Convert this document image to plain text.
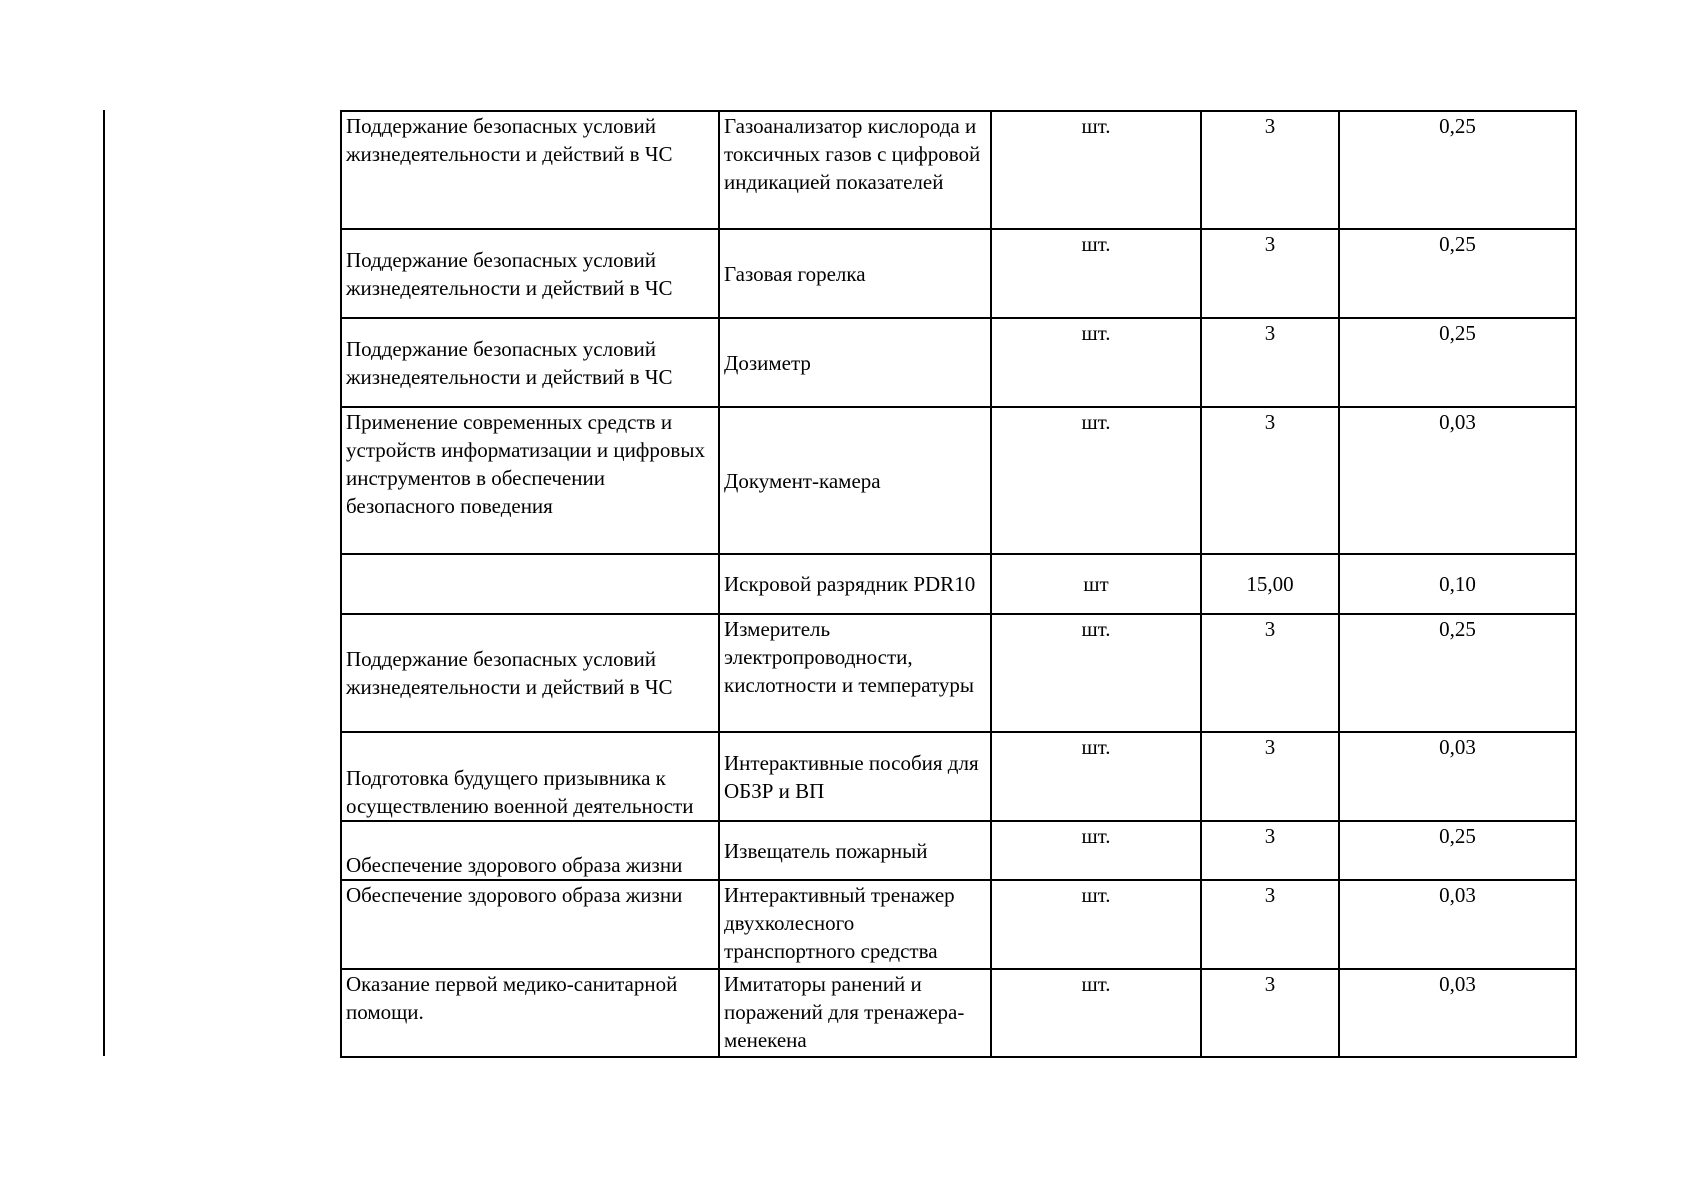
Поддержание безопасных условий жизнедеятельности и действий в ЧС	Газоанализатор кислорода и токсичных газов с цифровой индикацией показателей	шт.	3	0,25
Поддержание безопасных условий жизнедеятельности и действий в ЧС	Газовая горелка	шт.	3	0,25
Поддержание безопасных условий жизнедеятельности и действий в ЧС	Дозиметр	шт.	3	0,25
Применение современных средств и устройств информатизации и цифровых инструментов в обеспечении безопасного поведения	Документ-камера	шт.	3	0,03
	Искровой разрядник PDR10	шт	15,00	0,10
Поддержание безопасных условий жизнедеятельности и действий в ЧС	Измеритель электропроводности, кислотности и температуры	шт.	3	0,25
Подготовка будущего призывника к осуществлению военной деятельности	Интерактивные пособия для ОБЗР и ВП	шт.	3	0,03
Обеспечение здорового образа жизни	Извещатель пожарный	шт.	3	0,25
Обеспечение здорового образа жизни	Интерактивный тренажер двухколесного транспортного средства	шт.	3	0,03
Оказание первой медико-санитарной помощи.	Имитаторы ранений и поражений для тренажера-менекена	шт.	3	0,03
